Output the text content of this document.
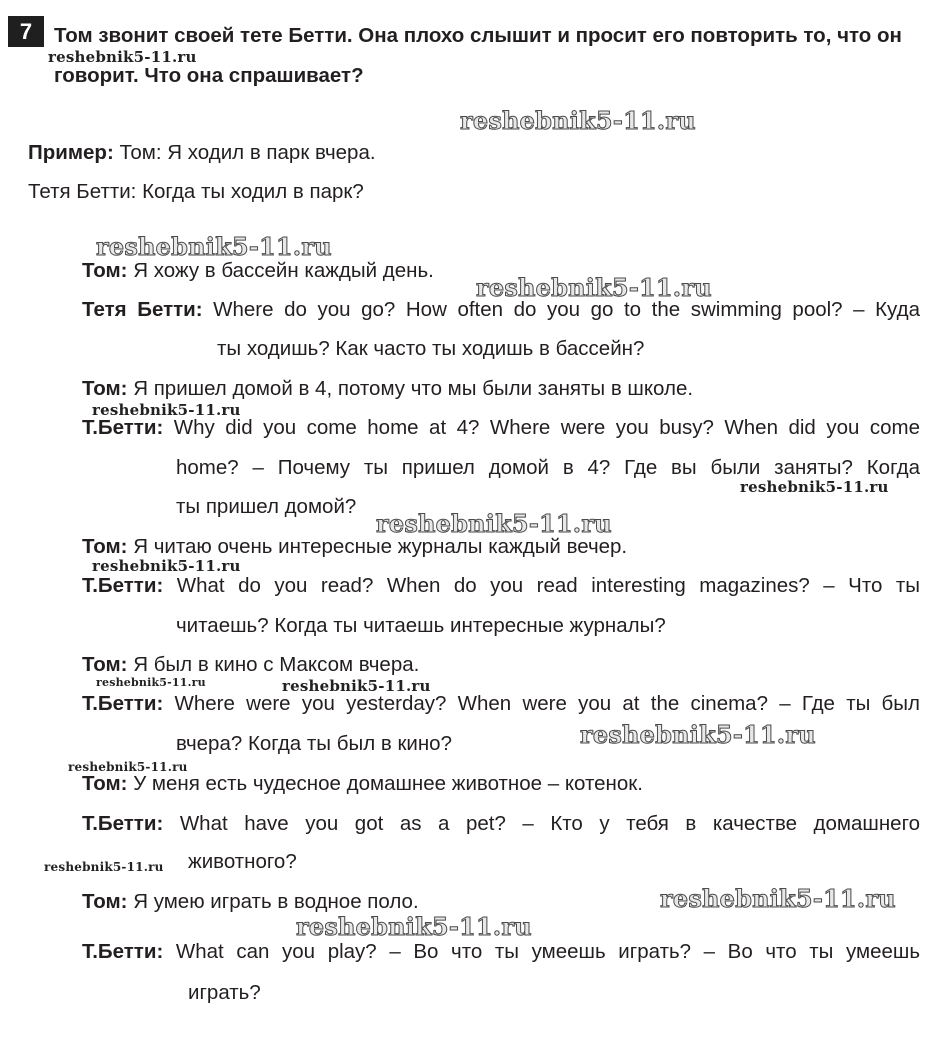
7	Том звонит своей тете Бетти. Она плохо слышит и просит его повторить то, что он говорит. Что она спрашивает?
Пример: Том: Я ходил в парк вчера.
Тетя Бетти: Когда ты ходил в парк?
Том: Я хожу в бассейн каждый день.
Тетя Бетти: Where do you go? How often do you go to the swimming pool? – Куда
ты ходишь? Как часто ты ходишь в бассейн?
Том: Я пришел домой в 4, потому что мы были заняты в школе.
Т.Бетти: Why did you come home at 4? Where were you busy? When did you come
home? – Почему ты пришел домой в 4? Где вы были заняты? Когда
ты пришел домой?
Том: Я читаю очень интересные журналы каждый вечер.
Т.Бетти: What do you read? When do you read interesting magazines? – Что ты
читаешь? Когда ты читаешь интересные журналы?
Том: Я был в кино с Максом вчера.
Т.Бетти: Where were you yesterday? When were you at the cinema? – Где ты был
вчера? Когда ты был в кино?
Том: У меня есть чудесное домашнее животное – котенок.
Т.Бетти: What have you got as a pet? – Кто у тебя в качестве домашнего
животного?
Том: Я умею играть в водное поло.
Т.Бетти: What can you play? – Во что ты умеешь играть? – Во что ты умеешь
играть?
reshebnik5-11.ru
reshebnik5-11.ru
reshebnik5-11.ru
reshebnik5-11.ru
reshebnik5-11.ru
reshebnik5-11.ru
reshebnik5-11.ru
reshebnik5-11.ru
reshebnik5-11.ru	reshebnik5-11.ru
reshebnik5-11.ru
reshebnik5-11.ru
reshebnik5-11.ru
reshebnik5-11.ru
reshebnik5-11.ru
